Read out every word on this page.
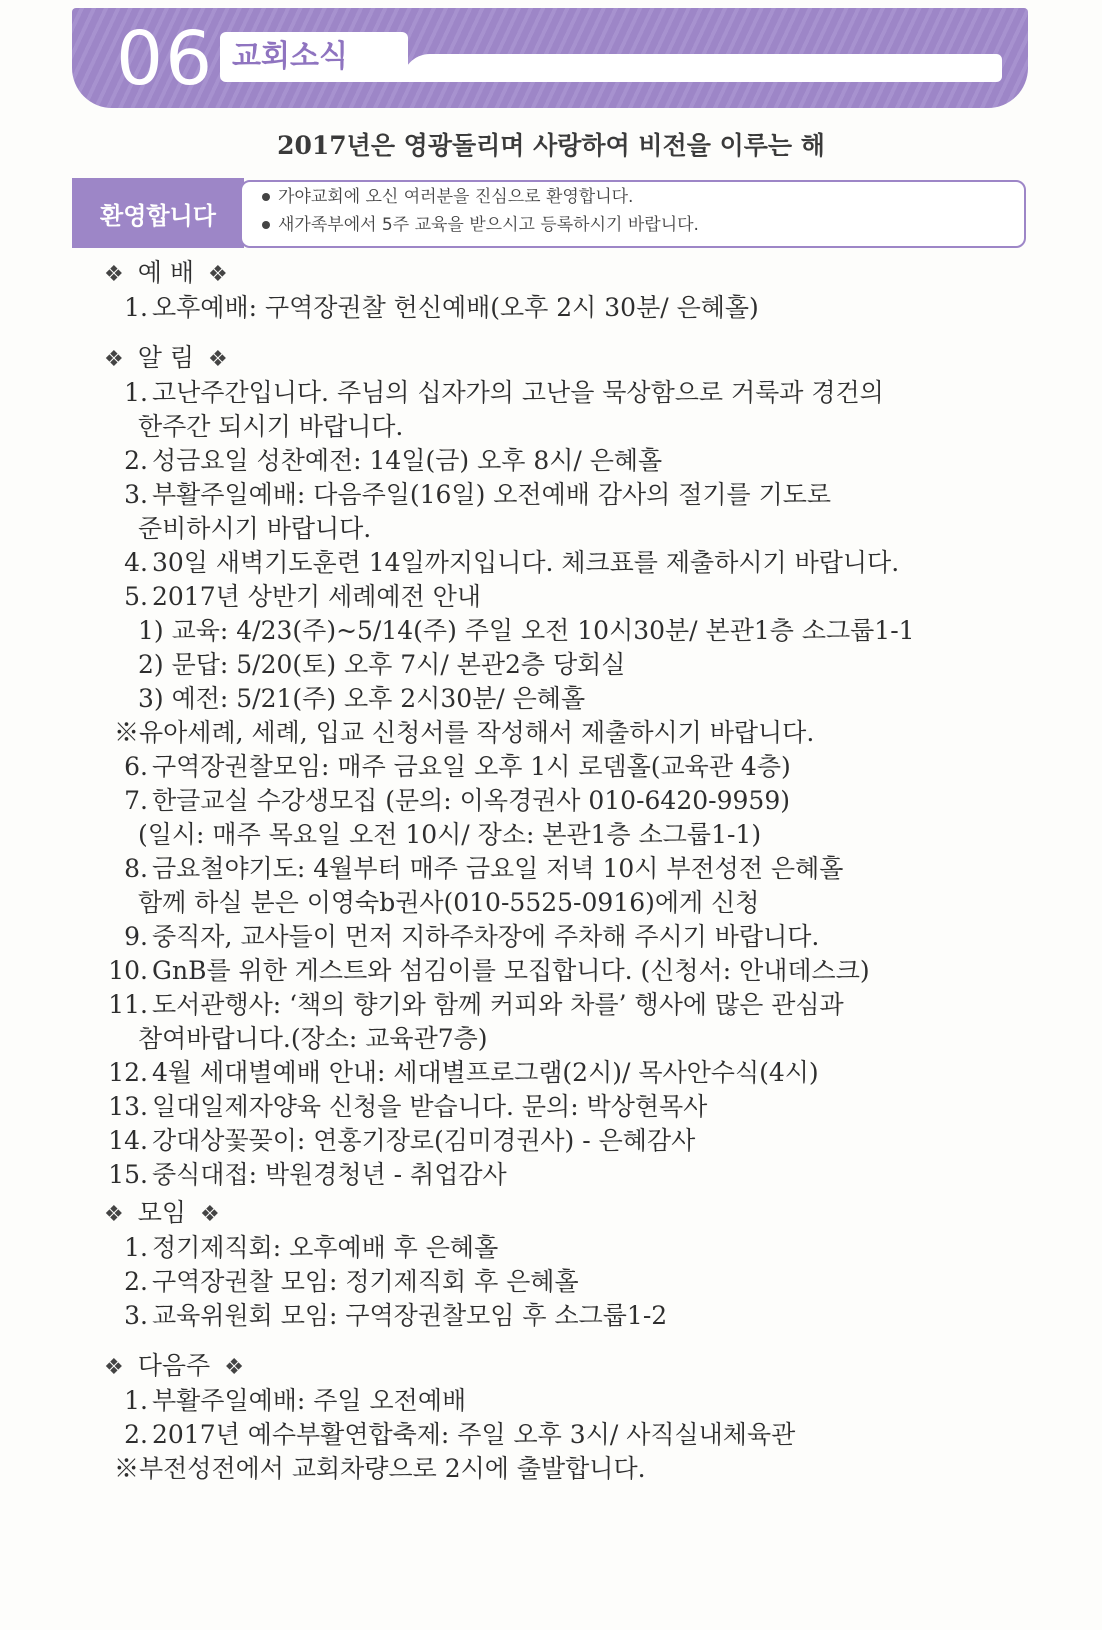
06 교회소식
2017년은 영광돌리며 사랑하여 비전을 이루는 해
환영합니다
가야교회에 오신 여러분을 진심으로 환영합니다.
새가족부에서 5주 교육을 받으시고 등록하시기 바랍니다.
❖ 예 배 ❖
1. 오후예배: 구역장권찰 헌신예배(오후 2시 30분/ 은혜홀)
❖ 알 림 ❖
1. 고난주간입니다. 주님의 십자가의 고난을 묵상함으로 거룩과 경건의
한주간 되시기 바랍니다.
2. 성금요일 성찬예전: 14일(금) 오후 8시/ 은혜홀
3. 부활주일예배: 다음주일(16일) 오전예배 감사의 절기를 기도로
준비하시기 바랍니다.
4. 30일 새벽기도훈련 14일까지입니다. 체크표를 제출하시기 바랍니다.
5. 2017년 상반기 세례예전 안내
1) 교육: 4/23(주)~5/14(주) 주일 오전 10시30분/ 본관1층 소그룹1-1
2) 문답: 5/20(토) 오후 7시/ 본관2층 당회실
3) 예전: 5/21(주) 오후 2시30분/ 은혜홀
※유아세례, 세례, 입교 신청서를 작성해서 제출하시기 바랍니다.
6. 구역장권찰모임: 매주 금요일 오후 1시 로뎀홀(교육관 4층)
7. 한글교실 수강생모집 (문의: 이옥경권사 010-6420-9959)
(일시: 매주 목요일 오전 10시/ 장소: 본관1층 소그룹1-1)
8. 금요철야기도: 4월부터 매주 금요일 저녁 10시 부전성전 은혜홀
함께 하실 분은 이영숙b권사(010-5525-0916)에게 신청
9. 중직자, 교사들이 먼저 지하주차장에 주차해 주시기 바랍니다.
10. GnB를 위한 게스트와 섬김이를 모집합니다. (신청서: 안내데스크)
11. 도서관행사: ‘책의 향기와 함께 커피와 차를’ 행사에 많은 관심과
참여바랍니다.(장소: 교육관7층)
12. 4월 세대별예배 안내: 세대별프로그램(2시)/ 목사안수식(4시)
13. 일대일제자양육 신청을 받습니다. 문의: 박상현목사
14. 강대상꽃꽂이: 연홍기장로(김미경권사) - 은혜감사
15. 중식대접: 박원경청년 - 취업감사
❖ 모임 ❖
1. 정기제직회: 오후예배 후 은혜홀
2. 구역장권찰 모임: 정기제직회 후 은혜홀
3. 교육위원회 모임: 구역장권찰모임 후 소그룹1-2
❖ 다음주 ❖
1. 부활주일예배: 주일 오전예배
2. 2017년 예수부활연합축제: 주일 오후 3시/ 사직실내체육관
※부전성전에서 교회차량으로 2시에 출발합니다.
